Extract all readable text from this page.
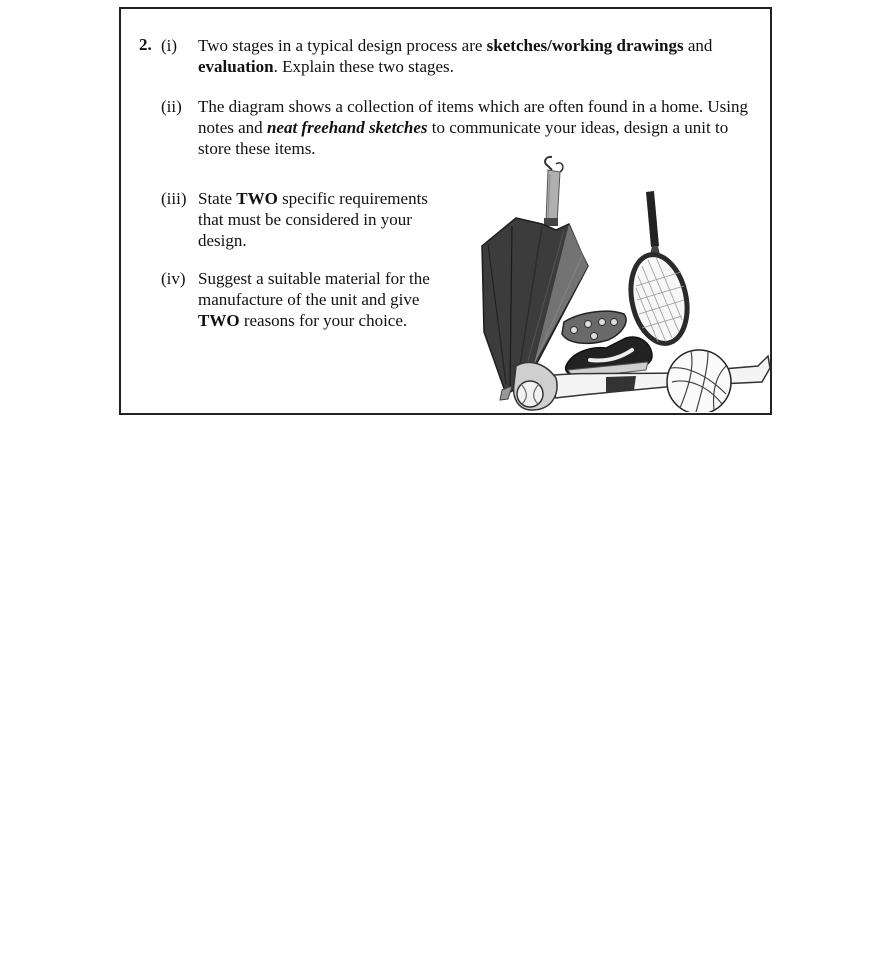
2. (i) Two stages in a typical design process are sketches/working drawings and evaluation. Explain these two stages.
(ii) The diagram shows a collection of items which are often found in a home. Using notes and neat freehand sketches to communicate your ideas, design a unit to store these items.
(iii) State TWO specific requirements that must be considered in your design.
(iv) Suggest a suitable material for the manufacture of the unit and give TWO reasons for your choice.
